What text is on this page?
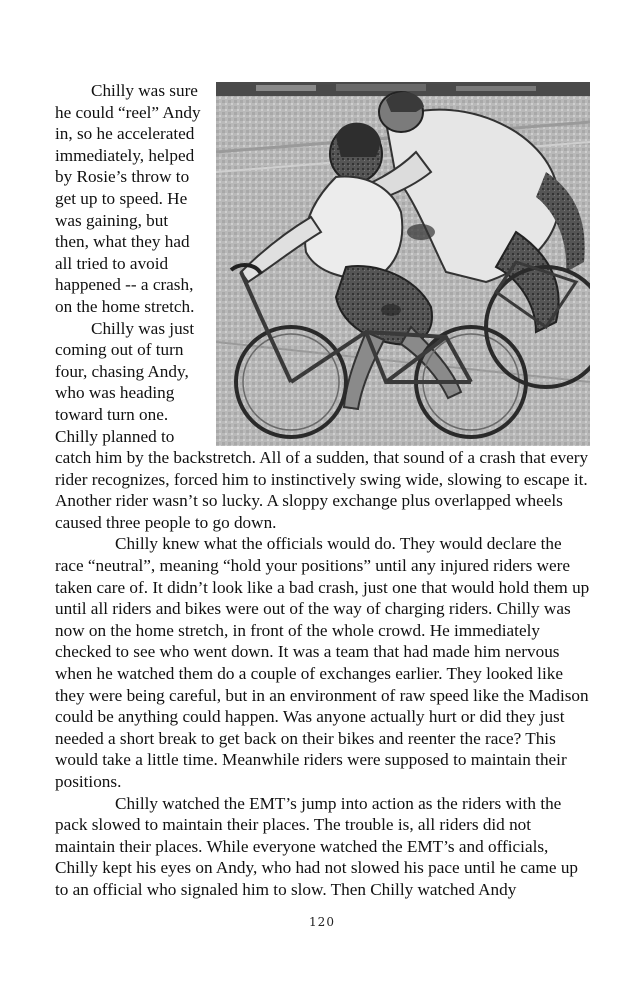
Chilly was sure
he could “reel” Andy
in, so he accelerated
immediately, helped
by Rosie’s throw to
get up to speed. He
was gaining, but
then, what they had
all tried to avoid
happened -- a crash,
on the home stretch.

Chilly was just
coming out of turn
four, chasing Andy,
who was heading
toward turn one.
Chilly planned to
catch him by the backstretch. All of a sudden, that sound of a crash that every rider recognizes, forced him to instinctively swing wide, slowing to escape it. Another rider wasn’t so lucky. A sloppy exchange plus overlapped wheels caused three people to go down.

Chilly knew what the officials would do. They would declare the race “neutral”, meaning “hold your positions” until any injured riders were taken care of. It didn’t look like a bad crash, just one that would hold them up until all riders and bikes were out of the way of charging riders. Chilly was now on the home stretch, in front of the whole crowd. He immediately checked to see who went down. It was a team that had made him nervous when he watched them do a couple of exchanges earlier. They looked like they were being careful, but in an environment of raw speed like the Madison could be anything could happen. Was anyone actually hurt or did they just needed a short break to get back on their bikes and reenter the race? This would take a little time. Meanwhile riders were supposed to maintain their positions.

Chilly watched the EMT’s jump into action as the riders with the pack slowed to maintain their places. The trouble is, all riders did not maintain their places. While everyone watched the EMT’s and officials, Chilly kept his eyes on Andy, who had not slowed his pace until he came up to an official who signaled him to slow. Then Chilly watched Andy

120
